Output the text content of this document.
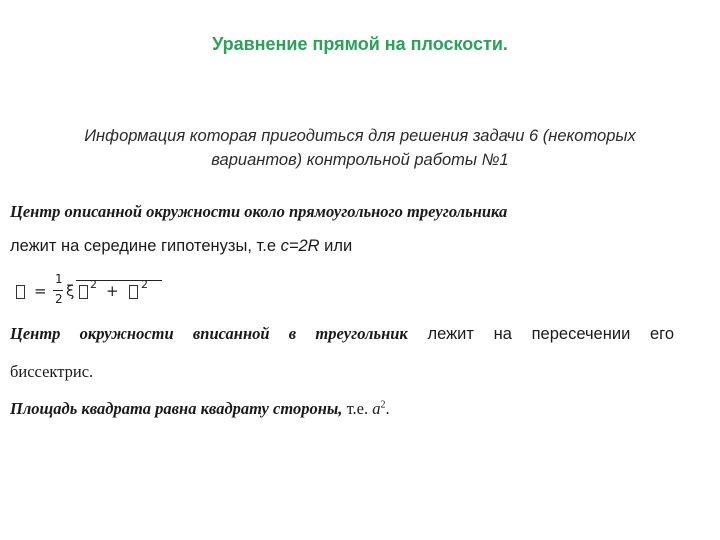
Уравнение прямой на плоскости.
Информация которая пригодиться для решения задачи 6 (некоторых
вариантов) контрольной работы №1
Центр описанной окружности около прямоугольного треугольника
лежит на середине гипотенузы, т.е c=2R или
=
1
2 ξ 2 + 2
Центр окружности вписанной в треугольник лежит на пересечении его
биссектрис.
Площадь квадрата равна квадрату стороны, т.е. $a^2$.
